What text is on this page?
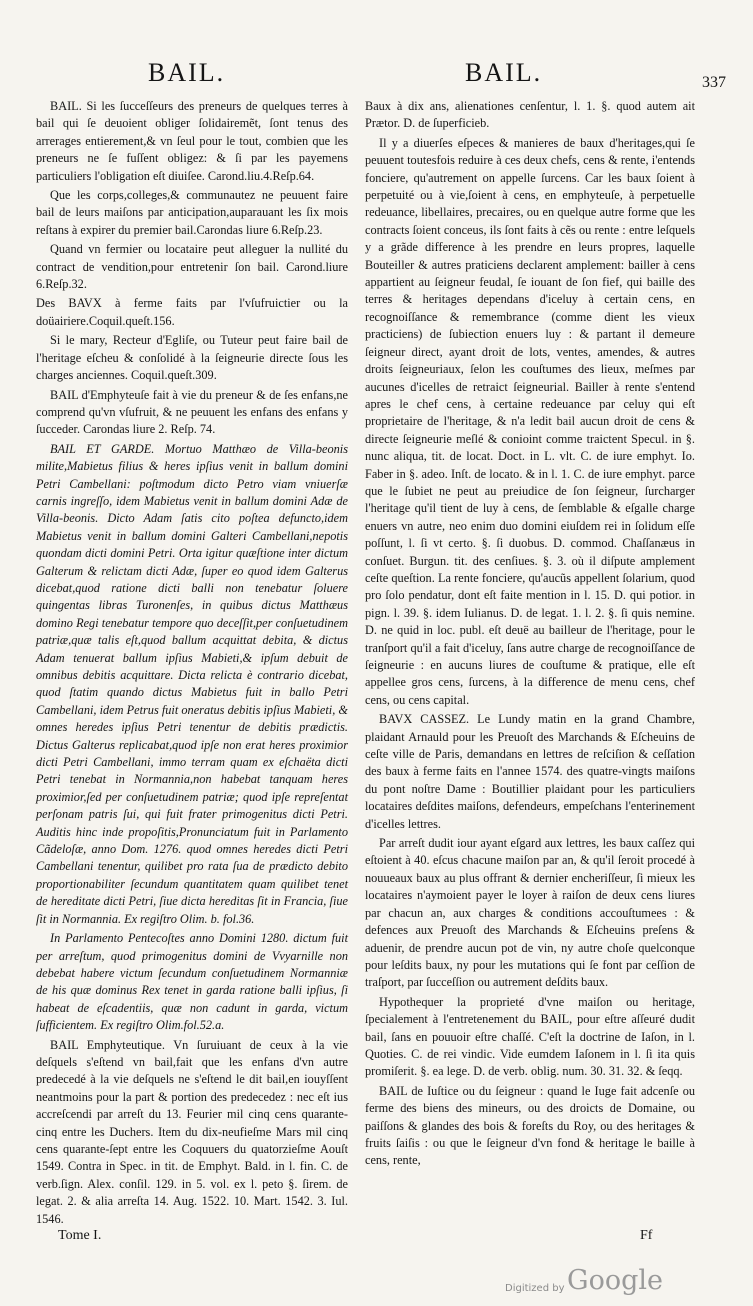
BAIL.	BAIL.	337

BAIL. Si les ſucceſſeurs des preneurs de quelques terres à bail qui ſe deuoient obliger ſolidairemẽt, ſont tenus des arrerages entierement,& vn ſeul pour le tout, combien que les preneurs ne ſe fuſſent obligez: & ſi par les payemens particuliers l'obligation eſt diuiſee. Carond.liu.4.Reſp.64.

Que les corps,colleges,& communautez ne peuuent faire bail de leurs maiſons par anticipation,auparauant les ſix mois reſtans à expirer du premier bail.Carondas liure 6.Reſp.23.

Quand vn fermier ou locataire peut alleguer la nullité du contract de vendition,pour entretenir ſon bail. Carond.liure 6.Reſp.32.

Des BAVX à ferme faits par l'vſufruictier ou la doüairiere.Coquil.queſt.156.

Si le mary, Recteur d'Egliſe, ou Tuteur peut faire bail de l'heritage eſcheu & conſolidé à la ſeigneurie directe ſous les charges anciennes. Coquil.queſt.309.

BAIL d'Emphyteuſe fait à vie du preneur & de ſes enfans,ne comprend qu'vn vſufruit, & ne peuuent les enfans des enfans y ſucceder. Carondas liure 2. Reſp. 74.

BAIL ET GARDE. Mortuo Matthæo de Villa-beonis milite,Mabietus filius & heres ipſius venit in ballum domini Petri Cambellani: poſtmodum dicto Petro viam vniuerſæ carnis ingreſſo, idem Mabietus venit in ballum domini Adæ de Villa-beonis. Dicto Adam ſatis cito poſtea defuncto,idem Mabietus venit in ballum domini Galteri Cambellani,nepotis quondam dicti domini Petri. Orta igitur quæſtione inter dictum Galterum & relictam dicti Adæ, ſuper eo quod idem Galterus dicebat,quod ratione dicti balli non tenebatur ſoluere quingentas libras Turonenſes, in quibus dictus Matthæus domino Regi tenebatur tempore quo deceſſit,per conſuetudinem patriæ,quæ talis eſt,quod ballum acquittat debita, & dictus Adam tenuerat ballum ipſius Mabieti,& ipſum debuit de omnibus debitis acquittare. Dicta relicta è contrario dicebat, quod ſtatim quando dictus Mabietus fuit in ballo Petri Cambellani, idem Petrus fuit oneratus debitis ipſius Mabieti, & omnes heredes ipſius Petri tenentur de debitis prædictis. Dictus Galterus replicabat,quod ipſe non erat heres proximior dicti Petri Cambellani, immo terram quam ex eſchaëta dicti Petri tenebat in Normannia,non habebat tanquam heres proximior,ſed per conſuetudinem patriæ; quod ipſe repreſentat perſonam patris ſui, qui fuit frater primogenitus dicti Petri. Auditis hinc inde propoſitis,Pronunciatum fuit in Parlamento Cãdeloſæ, anno Dom. 1276. quod omnes heredes dicti Petri Cambellani tenentur, quilibet pro rata ſua de prædicto debito proportionabiliter ſecundum quantitatem quam quilibet tenet de hereditate dicti Petri, ſiue dicta hereditas ſit in Francia, ſiue ſit in Normannia. Ex regiſtro Olim. b. fol.36.

In Parlamento Pentecoſtes anno Domini 1280. dictum fuit per arreſtum, quod primogenitus domini de Vvyarnille non debebat habere victum ſecundum conſuetudinem Normanniæ de his quæ dominus Rex tenet in garda ratione balli ipſius, ſi habeat de eſcadentiis, quæ non cadunt in garda, victum ſufficientem. Ex regiſtro Olim.fol.52.a.

BAIL Emphyteutique. Vn ſuruiuant de ceux à la vie deſquels s'eſtend vn bail,fait que les enfans d'vn autre predecedé à la vie deſquels ne s'eſtend le dit bail,en iouyſſent neantmoins pour la part & portion des predecedez : nec eſt ius accreſcendi par arreſt du 13. Feurier mil cinq cens quarante-cinq entre les Duchers. Item du dix-neufieſme Mars mil cinq cens quarante-ſept entre les Coquuers du quatorzieſme Aouſt 1549. Contra in Spec. in tit. de Emphyt. Bald. in l. fin. C. de verb.ſign. Alex. conſil. 129. in 5. vol. ex l. peto §. ſirem. de legat. 2. & alia arreſta 14. Aug. 1522. 10. Mart. 1542. 3. Iul. 1546.

Baux à dix ans, alienationes cenſentur, l. 1. §. quod autem ait Prætor. D. de ſuperficieb.

Il y a diuerſes eſpeces & manieres de baux d'heritages,qui ſe peuuent toutesfois reduire à ces deux chefs, cens & rente, i'entends fonciere, qu'autrement on appelle ſurcens. Car les baux ſoient à perpetuité ou à vie,ſoient à cens, en emphyteuſe, à perpetuelle redeuance, libellaires, precaires, ou en quelque autre forme que les contracts ſoient conceus, ils ſont faits à cẽs ou rente : entre leſquels y a grãde difference à les prendre en leurs propres, laquelle Bouteiller & autres praticiens declarent amplement: bailler à cens appartient au ſeigneur feudal, ſe iouant de ſon fief, qui baille des terres & heritages dependans d'iceluy à certain cens, en recognoiſſance & remembrance (comme dient les vieux practiciens) de ſubiection enuers luy : & partant il demeure ſeigneur direct, ayant droit de lots, ventes, amendes, & autres droits ſeigneuriaux, ſelon les couſtumes des lieux, meſmes par aucunes d'icelles de retraict ſeigneurial. Bailler à rente s'entend apres le chef cens, à certaine redeuance par celuy qui eſt proprietaire de l'heritage, & n'a ledit bail aucun droit de cens & directe ſeigneurie meſlé & conioint comme traictent Specul. in §. nunc aliqua, tit. de locat. Doct. in L. vlt. C. de iure emphyt. Io. Faber in §. adeo. Inſt. de locato. & in l. 1. C. de iure emphyt. parce que le ſubiet ne peut au preiudice de ſon ſeigneur, ſurcharger l'heritage qu'il tient de luy à cens, de ſemblable & eſgalle charge enuers vn autre, neo enim duo domini eiuſdem rei in ſolidum eſſe poſſunt, l. ſi vt certo. §. ſi duobus. D. commod. Chaſſanæus in conſuet. Burgun. tit. des cenſiues. §. 3. où il diſpute amplement ceſte queſtion. La rente fonciere, qu'aucũs appellent ſolarium, quod pro ſolo pendatur, dont eſt faite mention in l. 15. D. qui potior. in pign. l. 39. §. idem Iulianus. D. de legat. 1. l. 2. §. ſi quis nemine. D. ne quid in loc. publ. eſt deuë au bailleur de l'heritage, pour le tranſport qu'il a fait d'iceluy, ſans autre charge de recognoiſſance de ſeigneurie : en aucuns liures de couſtume & pratique, elle eſt appellee gros cens, ſurcens, à la difference de menu cens, chef cens, ou cens capital.

BAVX CASSEZ. Le Lundy matin en la grand Chambre, plaidant Arnauld pour les Preuoſt des Marchands & Eſcheuins de ceſte ville de Paris, demandans en lettres de reſciſion & ceſſation des baux à ferme faits en l'annee 1574. des quatre-vingts maiſons du pont noſtre Dame : Boutillier plaidant pour les particuliers locataires deſdites maiſons, defendeurs, empeſchans l'enterinement d'icelles lettres.

Par arreſt dudit iour ayant eſgard aux lettres, les baux caſſez qui eſtoient à 40. eſcus chacune maiſon par an, & qu'il ſeroit procedé à nouueaux baux au plus offrant & dernier encheriſſeur, ſi mieux les locataires n'aymoient payer le loyer à raiſon de deux cens liures par chacun an, aux charges & conditions accouſtumees : & defences aux Preuoſt des Marchands & Eſcheuins preſens & aduenir, de prendre aucun pot de vin, ny autre choſe quelconque pour leſdits baux, ny pour les mutations qui ſe font par ceſſion de traſport, par ſucceſſion ou autrement deſdits baux.

Hypothequer la proprieté d'vne maiſon ou heritage, ſpecialement à l'entretenement du BAIL, pour eſtre aſſeuré dudit bail, ſans en pouuoir eſtre chaſſé. C'eſt la doctrine de Iaſon, in l. Quoties. C. de rei vindic. Vide eumdem Iaſonem in l. ſi ita quis promiſerit. §. ea lege. D. de verb. oblig. num. 30. 31. 32. & ſeqq.

BAIL de Iuſtice ou du ſeigneur : quand le Iuge fait adcenſe ou ferme des biens des mineurs, ou des droicts de Domaine, ou paiſſons & glandes des bois & foreſts du Roy, ou des heritages & fruits ſaiſis : ou que le ſeigneur d'vn fond & heritage le baille à cens, rente,

Tome I.	Ff
Digitized by Google
